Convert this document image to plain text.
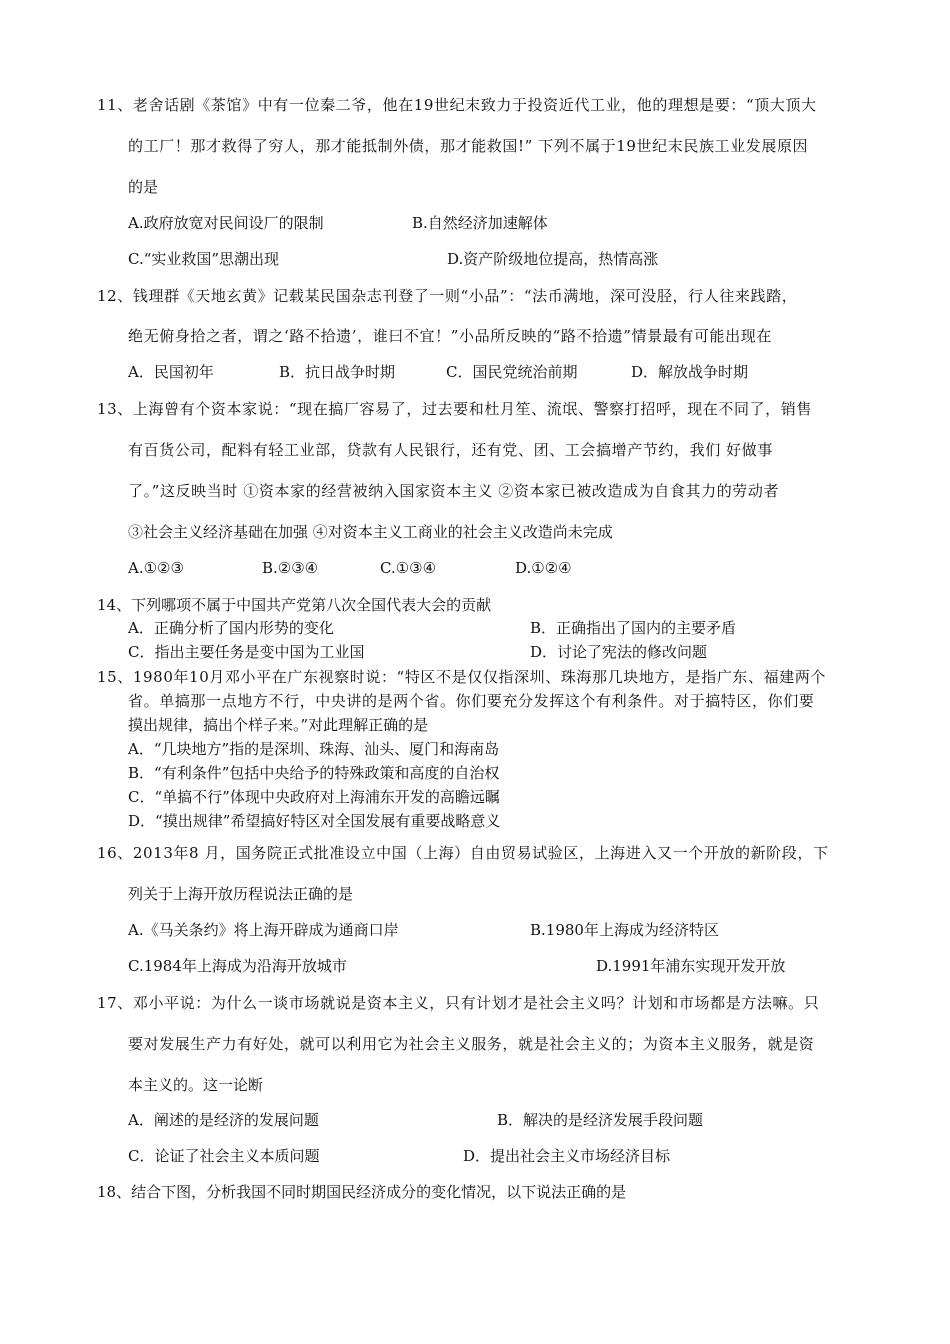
11、老舍话剧《茶馆》中有一位秦二爷，他在19世纪末致力于投资近代工业，他的理想是要：“顶大顶大
的工厂！那才救得了穷人，那才能抵制外债，那才能救国!” 下列不属于19世纪末民族工业发展原因
的是
A.政府放宽对民间设厂的限制	B.自然经济加速解体
C.“实业救国”思潮出现	D.资产阶级地位提高，热情高涨
12、钱理群《天地玄黄》记载某民国杂志刊登了一则“小品”：“法币满地，深可没胫，行人往来践踏，
绝无俯身拾之者，谓之‘路不拾遗’，谁曰不宜！”小品所反映的“路不拾遗”情景最有可能出现在
A．民国初年	B．抗日战争时期	C．国民党统治前期	D．解放战争时期
13、上海曾有个资本家说：“现在搞厂容易了，过去要和杜月笙、流氓、警察打招呼，现在不同了，销售
有百货公司，配料有轻工业部，贷款有人民银行，还有党、团、工会搞增产节约，我们 好做事
了。”这反映当时 ①资本家的经营被纳入国家资本主义 ②资本家已被改造成为自食其力的劳动者
③社会主义经济基础在加强 ④对资本主义工商业的社会主义改造尚未完成
A.①②③	B.②③④	C.①③④	D.①②④
14、下列哪项不属于中国共产党第八次全国代表大会的贡献
A．正确分析了国内形势的变化	B．正确指出了国内的主要矛盾
C．指出主要任务是变中国为工业国	D．讨论了宪法的修改问题
15、1980年10月邓小平在广东视察时说：“特区不是仅仅指深圳、珠海那几块地方，是指广东、福建两个
省。单搞那一点地方不行，中央讲的是两个省。你们要充分发挥这个有利条件。对于搞特区，你们要
摸出规律，搞出个样子来。”对此理解正确的是
A．“几块地方”指的是深圳、珠海、汕头、厦门和海南岛
B．“有利条件”包括中央给予的特殊政策和高度的自治权
C．“单搞不行”体现中央政府对上海浦东开发的高瞻远瞩
D．“摸出规律”希望搞好特区对全国发展有重要战略意义
16、2013年8 月，国务院正式批准设立中国（上海）自由贸易试验区，上海进入又一个开放的新阶段，下
列关于上海开放历程说法正确的是
A.《马关条约》将上海开辟成为通商口岸	B.1980年上海成为经济特区
C.1984年上海成为沿海开放城市	D.1991年浦东实现开发开放
17、邓小平说：为什么一谈市场就说是资本主义，只有计划才是社会主义吗？计划和市场都是方法嘛。只
要对发展生产力有好处，就可以利用它为社会主义服务，就是社会主义的；为资本主义服务，就是资
本主义的。这一论断
A．阐述的是经济的发展问题	B．解决的是经济发展手段问题
C．论证了社会主义本质问题	D．提出社会主义市场经济目标
18、结合下图，分析我国不同时期国民经济成分的变化情况，以下说法正确的是
